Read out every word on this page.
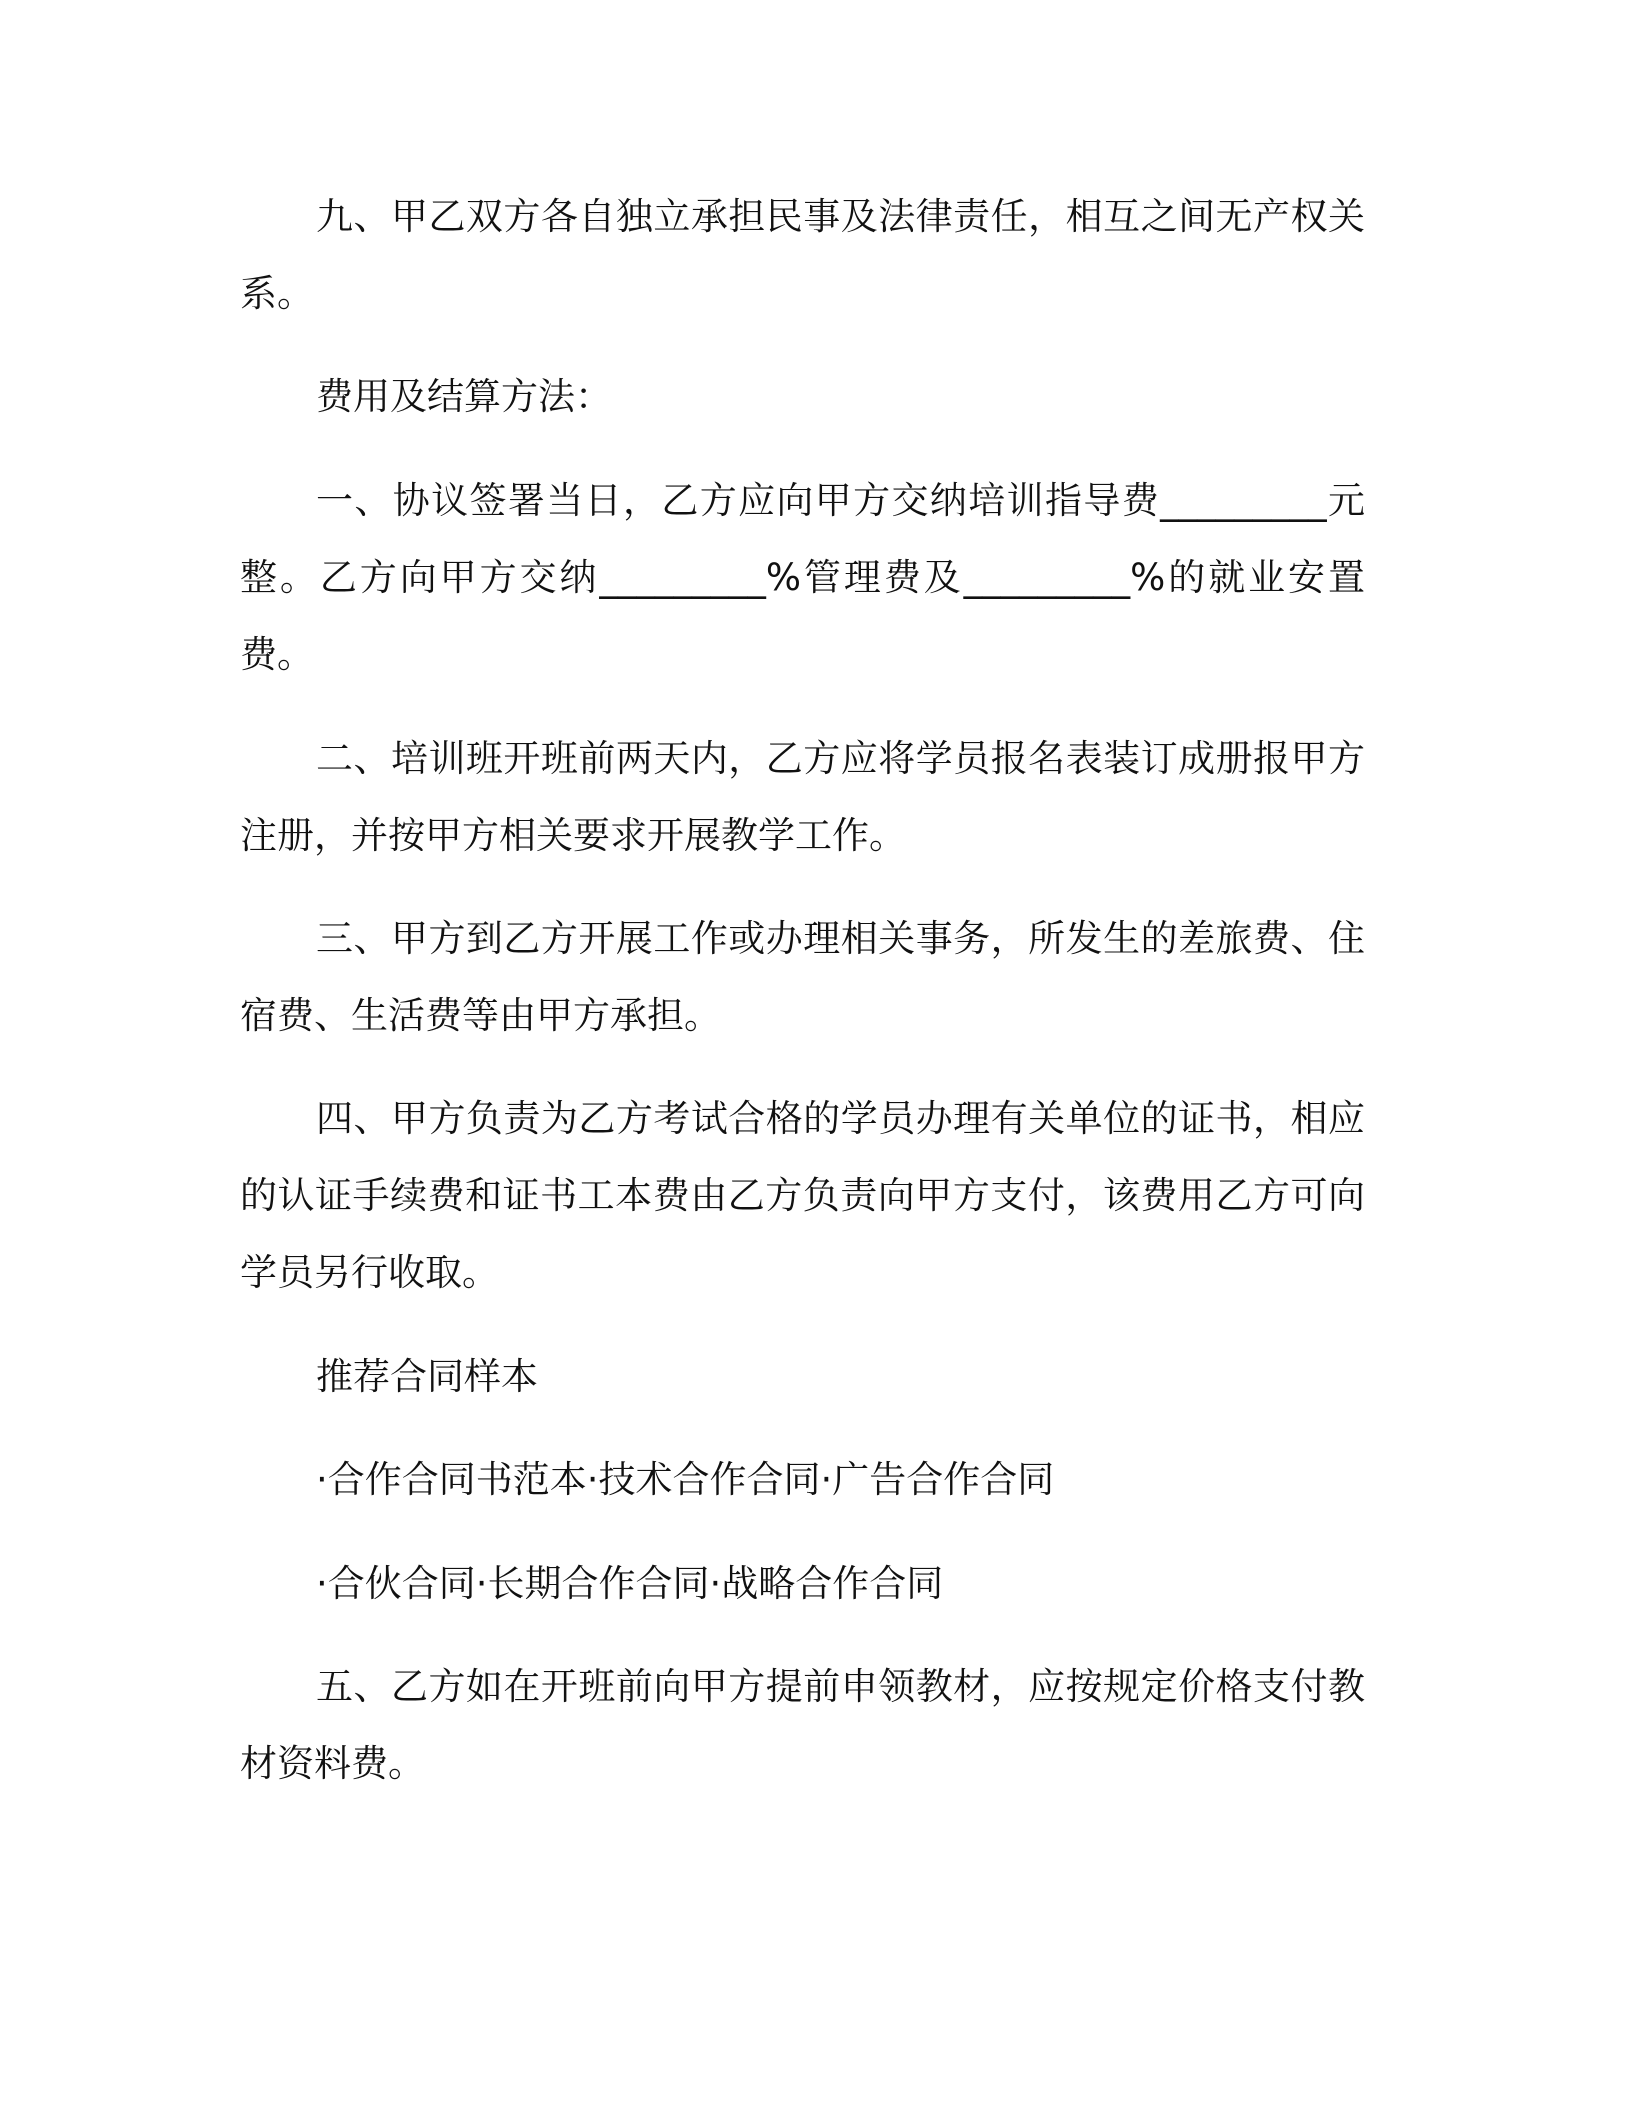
九、甲乙双方各自独立承担民事及法律责任，相互之间无产权关系。

费用及结算方法：

一、协议签署当日，乙方应向甲方交纳培训指导费_________元整。乙方向甲方交纳_________%管理费及_________%的就业安置费。

二、培训班开班前两天内，乙方应将学员报名表装订成册报甲方注册，并按甲方相关要求开展教学工作。

三、甲方到乙方开展工作或办理相关事务，所发生的差旅费、住宿费、生活费等由甲方承担。

四、甲方负责为乙方考试合格的学员办理有关单位的证书，相应的认证手续费和证书工本费由乙方负责向甲方支付，该费用乙方可向学员另行收取。

推荐合同样本

·合作合同书范本·技术合作合同·广告合作合同

·合伙合同·长期合作合同·战略合作合同

五、乙方如在开班前向甲方提前申领教材，应按规定价格支付教材资料费。
